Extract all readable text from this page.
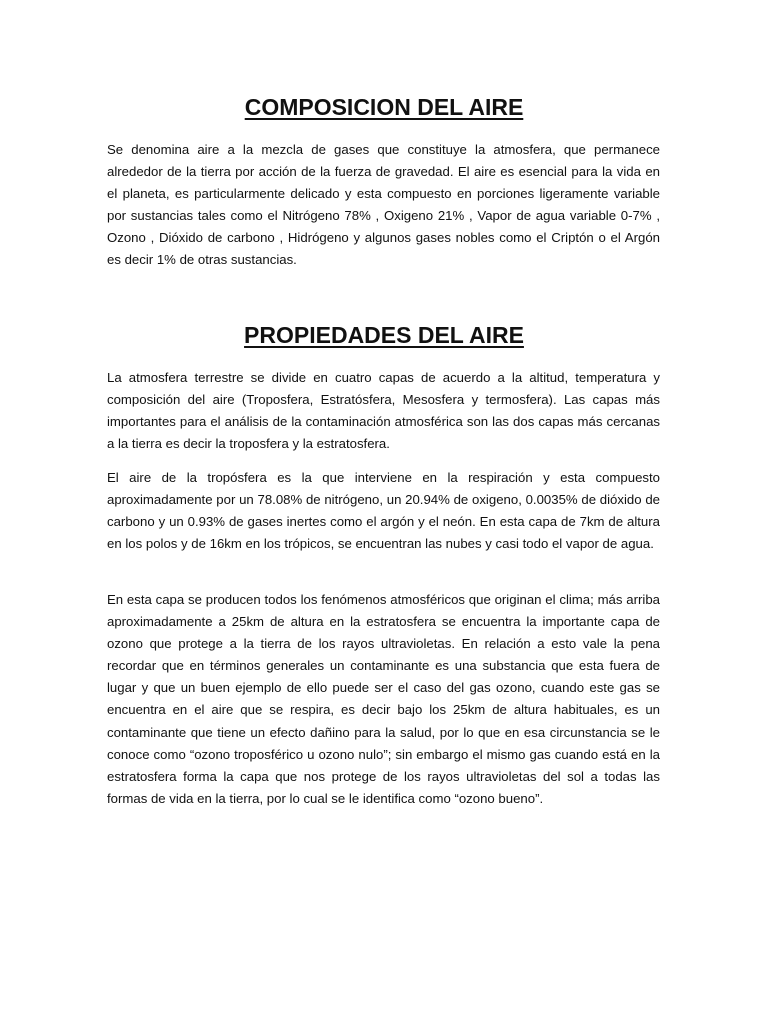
COMPOSICION DEL AIRE

Se denomina aire a la mezcla de gases que constituye la atmosfera, que permanece alrededor de la tierra por acción de la fuerza de gravedad. El aire es esencial para la vida en el planeta, es particularmente delicado y esta compuesto en porciones ligeramente variable por sustancias tales como el Nitrógeno 78% , Oxigeno 21% , Vapor de agua variable 0-7% , Ozono , Dióxido de carbono , Hidrógeno y algunos gases nobles como el Criptón o el Argón es decir 1% de otras sustancias.

PROPIEDADES DEL AIRE

La atmosfera terrestre se divide en cuatro capas de acuerdo a la altitud, temperatura y composición del aire (Troposfera, Estratósfera, Mesosfera y termosfera). Las capas más importantes para el análisis de la contaminación atmosférica son las dos capas más cercanas a la tierra es decir la troposfera y la estratosfera.

El aire de la tropósfera es la que interviene en la respiración y esta compuesto aproximadamente por un 78.08% de nitrógeno, un 20.94% de oxigeno, 0.0035% de dióxido de carbono y un 0.93% de gases inertes como el argón y el neón. En esta capa de 7km de altura en los polos y de 16km en los trópicos, se encuentran las nubes y casi todo el vapor de agua.

En esta capa se producen todos los fenómenos atmosféricos que originan el clima; más arriba aproximadamente a 25km de altura en la estratosfera se encuentra la importante capa de ozono que protege a la tierra de los rayos ultravioletas. En relación a esto vale la pena recordar que en términos generales un contaminante es una substancia que esta fuera de lugar y que un buen ejemplo de ello puede ser el caso del gas ozono, cuando este gas se encuentra en el aire que se respira, es decir bajo los 25km de altura habituales, es un contaminante que tiene un efecto dañino para la salud, por lo que en esa circunstancia se le conoce como “ozono troposférico u ozono nulo”; sin embargo el mismo gas cuando está en la estratosfera forma la capa que nos protege de los rayos ultravioletas del sol a todas las formas de vida en la tierra, por lo cual se le identifica como “ozono bueno”.
